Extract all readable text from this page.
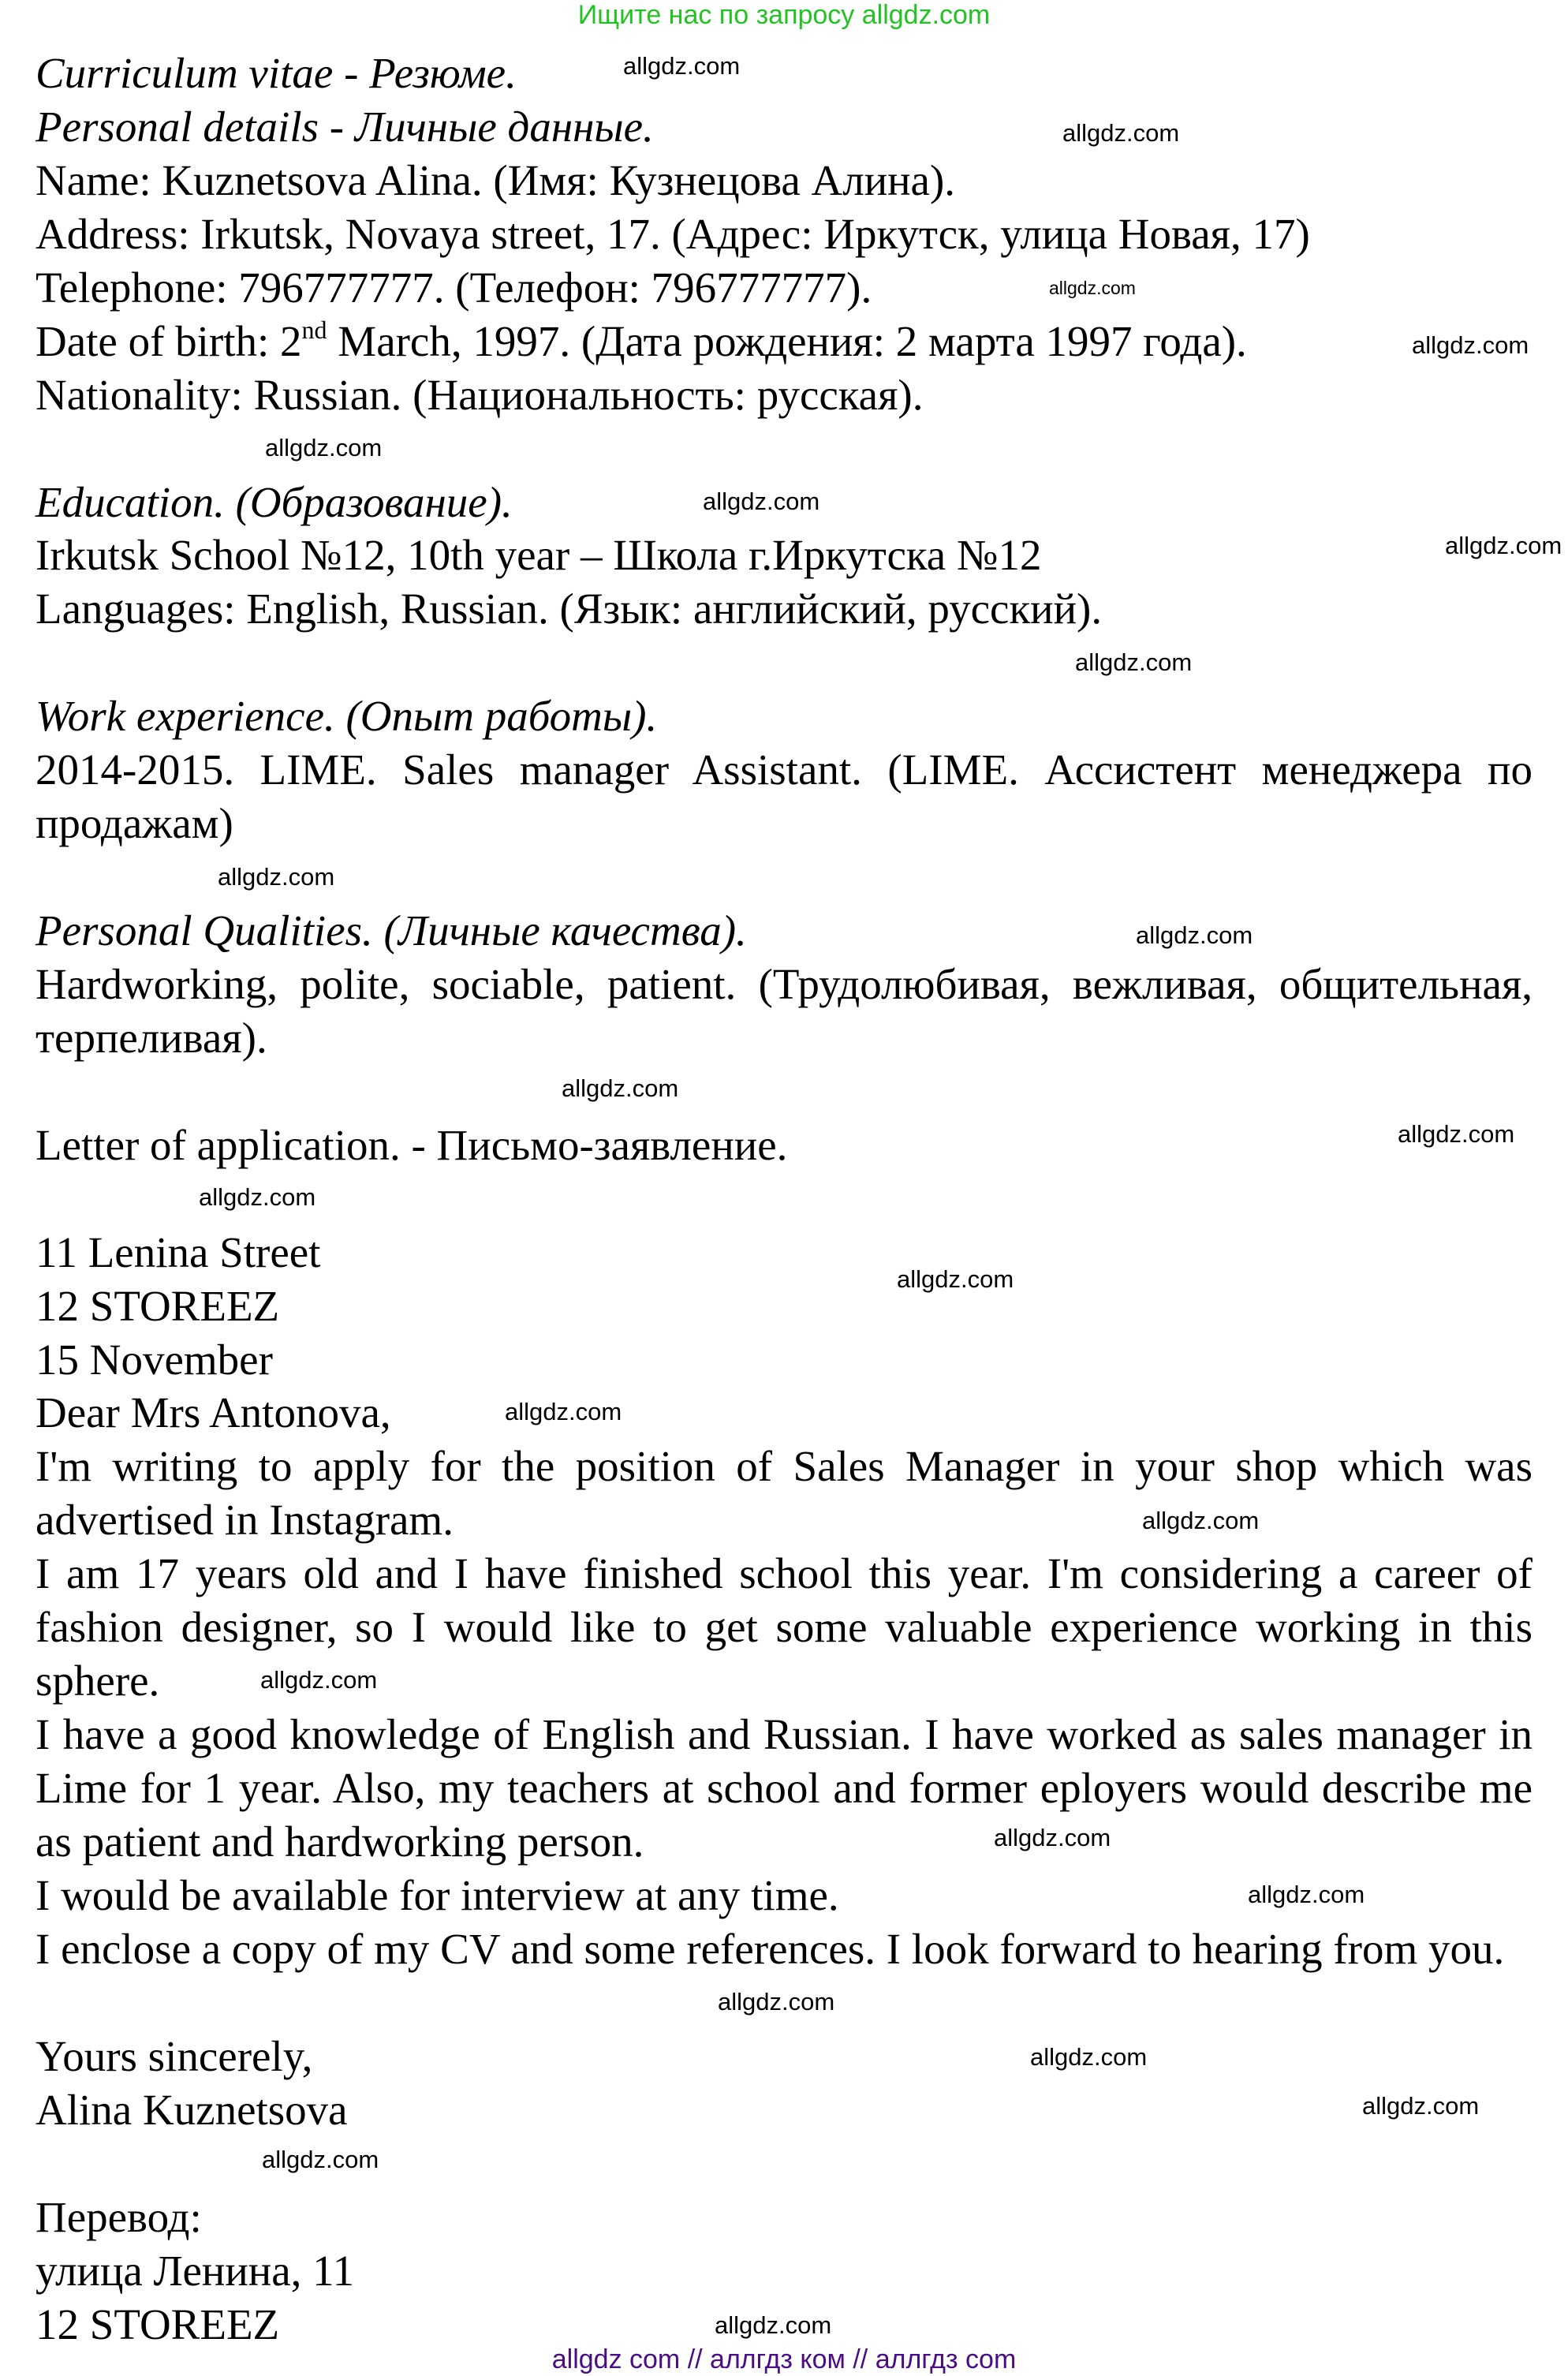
Ищите нас по запросу allgdz.com
Curriculum vitae - Резюме.
Personal details - Личные данные.
Name: Kuznetsova Alina. (Имя: Кузнецова Алина).
Address: Irkutsk, Novaya street, 17. (Адрес: Иркутск, улица Новая, 17)
Telephone: 796777777. (Телефон: 796777777).
Date of birth: 2nd March, 1997. (Дата рождения: 2 марта 1997 года).
Nationality: Russian. (Национальность: русская).
Education. (Образование).
Irkutsk School №12, 10th year – Школа г.Иркутска №12
Languages: English, Russian. (Язык: английский, русский).
Work experience. (Опыт работы).
2014-2015. LIME. Sales manager Assistant. (LIME. Ассистент менеджера по продажам)
Personal Qualities. (Личные качества).
Hardworking, polite, sociable, patient. (Трудолюбивая, вежливая, общительная, терпеливая).
Letter of application. - Письмо-заявление.
11 Lenina Street
12 STOREEZ
15 November
Dear Mrs Antonova,
I'm writing to apply for the position of Sales Manager in your shop which was advertised in Instagram.
I am 17 years old and I have finished school this year. I'm considering a career of fashion designer, so I would like to get some valuable experience working in this sphere.
I have a good knowledge of English and Russian. I have worked as sales manager in Lime for 1 year. Also, my teachers at school and former eployers would describe me as patient and hardworking person.
I would be available for interview at any time.
I enclose a copy of my CV and some references. I look forward to hearing from you.
Yours sincerely,
Alina Kuznetsova
Перевод:
улица Ленина, 11
12 STOREEZ
allgdz.com
allgdz.com
allgdz.com
allgdz.com
allgdz.com
allgdz.com
allgdz.com
allgdz.com
allgdz.com
allgdz.com
allgdz.com
allgdz.com
allgdz.com
allgdz.com
allgdz.com
allgdz.com
allgdz.com
allgdz.com
allgdz.com
allgdz.com
allgdz.com
allgdz.com
allgdz.com
allgdz.com
allgdz com // аллгдз ком // аллгдз com
